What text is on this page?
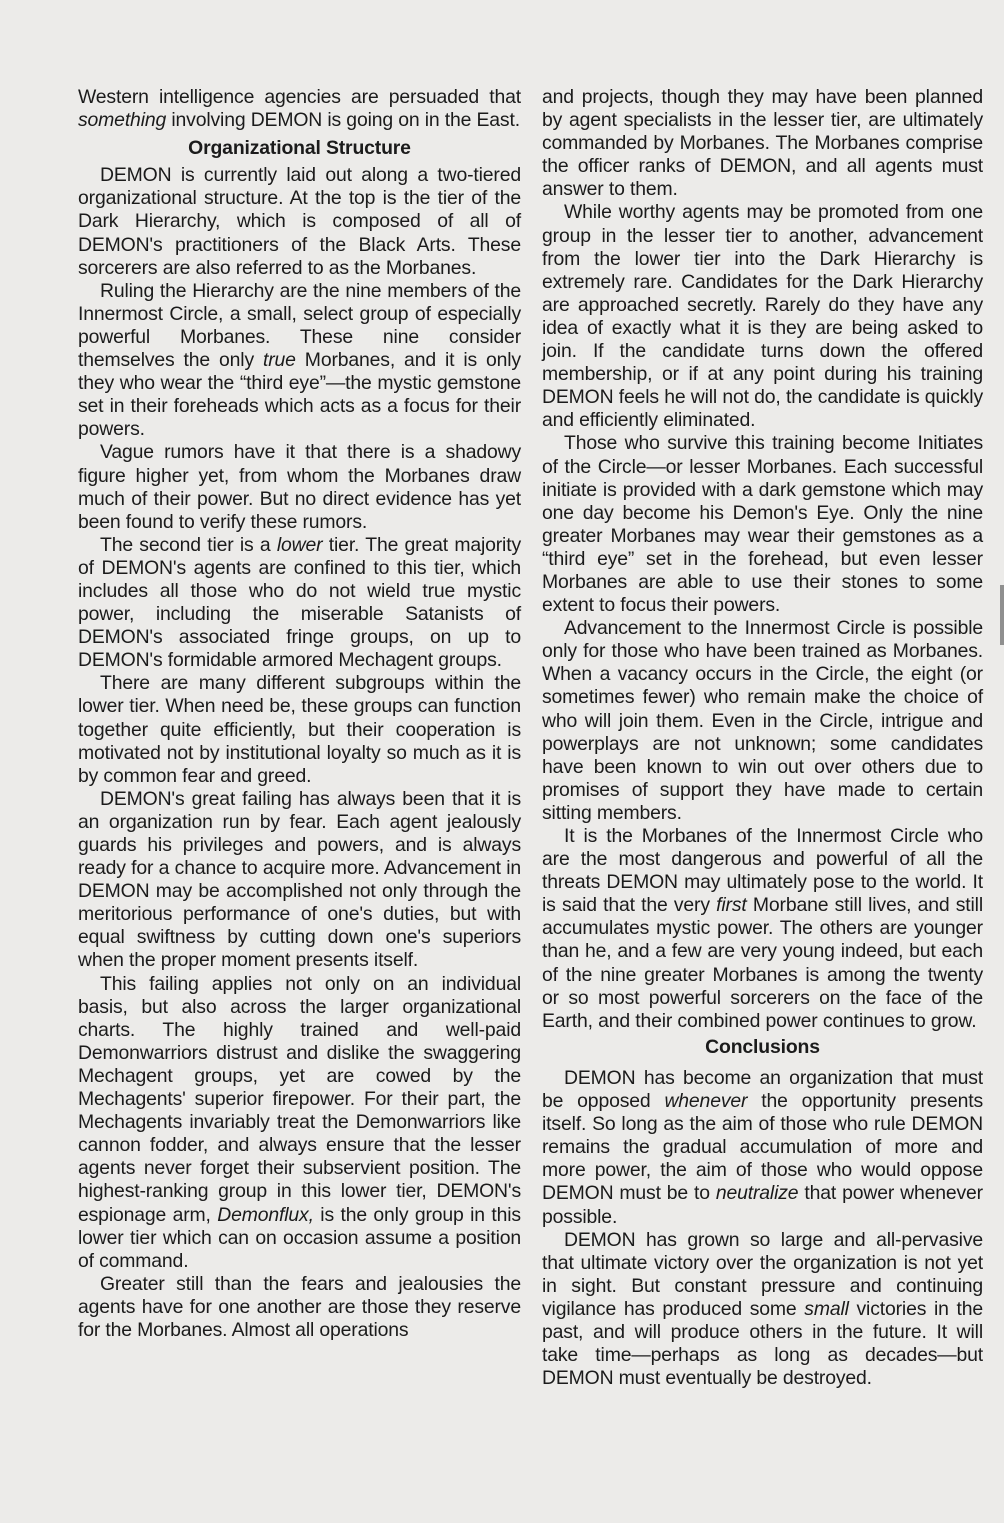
Western intelligence agencies are persuaded that something involving DEMON is going on in the East.

Organizational Structure

DEMON is currently laid out along a two-tiered organizational structure. At the top is the tier of the Dark Hierarchy, which is composed of all of DEMON's practitioners of the Black Arts. These sorcerers are also referred to as the Morbanes.

Ruling the Hierarchy are the nine members of the Innermost Circle, a small, select group of especially powerful Morbanes. These nine consider themselves the only true Morbanes, and it is only they who wear the “third eye”—the mystic gemstone set in their foreheads which acts as a focus for their powers.

Vague rumors have it that there is a shadowy figure higher yet, from whom the Morbanes draw much of their power. But no direct evidence has yet been found to verify these rumors.

The second tier is a lower tier. The great majority of DEMON's agents are confined to this tier, which includes all those who do not wield true mystic power, including the miserable Satanists of DEMON's associated fringe groups, on up to DEMON's formidable armored Mechagent groups.

There are many different subgroups within the lower tier. When need be, these groups can function together quite efficiently, but their cooperation is motivated not by institutional loyalty so much as it is by common fear and greed.

DEMON's great failing has always been that it is an organization run by fear. Each agent jealously guards his privileges and powers, and is always ready for a chance to acquire more. Advancement in DEMON may be accomplished not only through the meritorious performance of one's duties, but with equal swiftness by cutting down one's superiors when the proper moment presents itself.

This failing applies not only on an individual basis, but also across the larger organizational charts. The highly trained and well-paid Demonwarriors distrust and dislike the swaggering Mechagent groups, yet are cowed by the Mechagents' superior firepower. For their part, the Mechagents invariably treat the Demonwarriors like cannon fodder, and always ensure that the lesser agents never forget their subservient position. The highest-ranking group in this lower tier, DEMON's espionage arm, Demonflux, is the only group in this lower tier which can on occasion assume a position of command.

Greater still than the fears and jealousies the agents have for one another are those they reserve for the Morbanes. Almost all operations

and projects, though they may have been planned by agent specialists in the lesser tier, are ultimately commanded by Morbanes. The Morbanes comprise the officer ranks of DEMON, and all agents must answer to them.

While worthy agents may be promoted from one group in the lesser tier to another, advancement from the lower tier into the Dark Hierarchy is extremely rare. Candidates for the Dark Hierarchy are approached secretly. Rarely do they have any idea of exactly what it is they are being asked to join. If the candidate turns down the offered membership, or if at any point during his training DEMON feels he will not do, the candidate is quickly and efficiently eliminated.

Those who survive this training become Initiates of the Circle—or lesser Morbanes. Each successful initiate is provided with a dark gemstone which may one day become his Demon's Eye. Only the nine greater Morbanes may wear their gemstones as a “third eye” set in the forehead, but even lesser Morbanes are able to use their stones to some extent to focus their powers.

Advancement to the Innermost Circle is possible only for those who have been trained as Morbanes. When a vacancy occurs in the Circle, the eight (or sometimes fewer) who remain make the choice of who will join them. Even in the Circle, intrigue and powerplays are not unknown; some candidates have been known to win out over others due to promises of support they have made to certain sitting members.

It is the Morbanes of the Innermost Circle who are the most dangerous and powerful of all the threats DEMON may ultimately pose to the world. It is said that the very first Morbane still lives, and still accumulates mystic power. The others are younger than he, and a few are very young indeed, but each of the nine greater Morbanes is among the twenty or so most powerful sorcerers on the face of the Earth, and their combined power continues to grow.

Conclusions

DEMON has become an organization that must be opposed whenever the opportunity presents itself. So long as the aim of those who rule DEMON remains the gradual accumulation of more and more power, the aim of those who would oppose DEMON must be to neutralize that power whenever possible.

DEMON has grown so large and all-pervasive that ultimate victory over the organization is not yet in sight. But constant pressure and continuing vigilance has produced some small victories in the past, and will produce others in the future. It will take time—perhaps as long as decades—but DEMON must eventually be destroyed.
